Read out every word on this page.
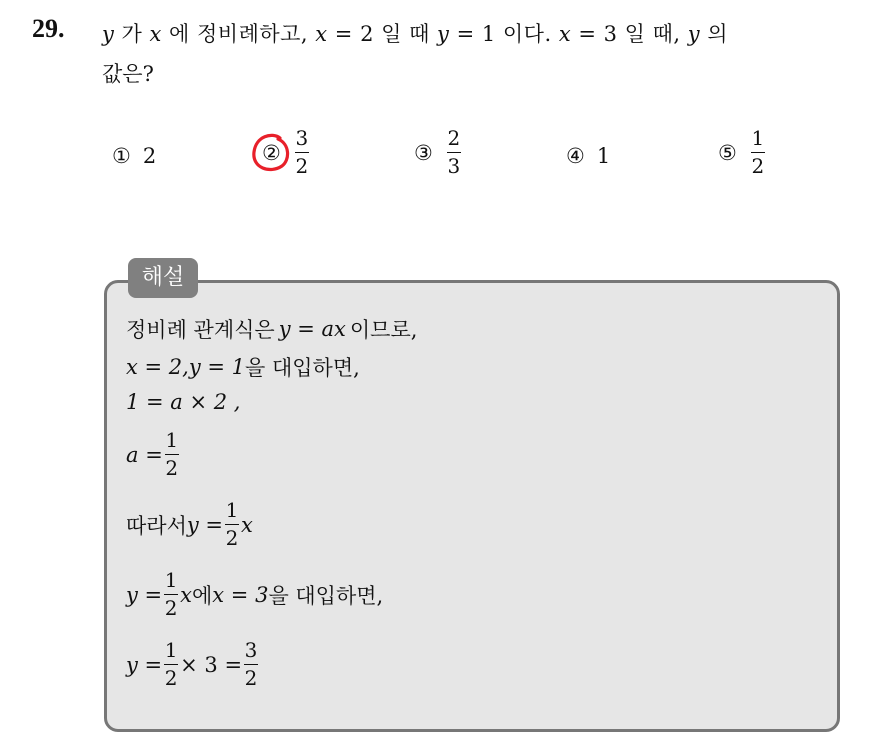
29. y 가 x 에 정비례하고, x = 2 일 때 y = 1 이다. x = 3 일 때, y 의
값은?
① 2	② $\frac{3}{2}$	③ $\frac{2}{3}$	④ 1	⑤ $\frac{1}{2}$
해설
정비례 관계식은 y = ax 이므로,
x = 2, y = 1 을 대입하면,
1 = a × 2 ,
$a = \frac{1}{2}$
따라서 $y = \frac{1}{2}$ x
$y = \frac{1}{2}$ x 에 x = 3 을 대입하면,
$y = \frac{1}{2} \times 3 = \frac{3}{2}$
